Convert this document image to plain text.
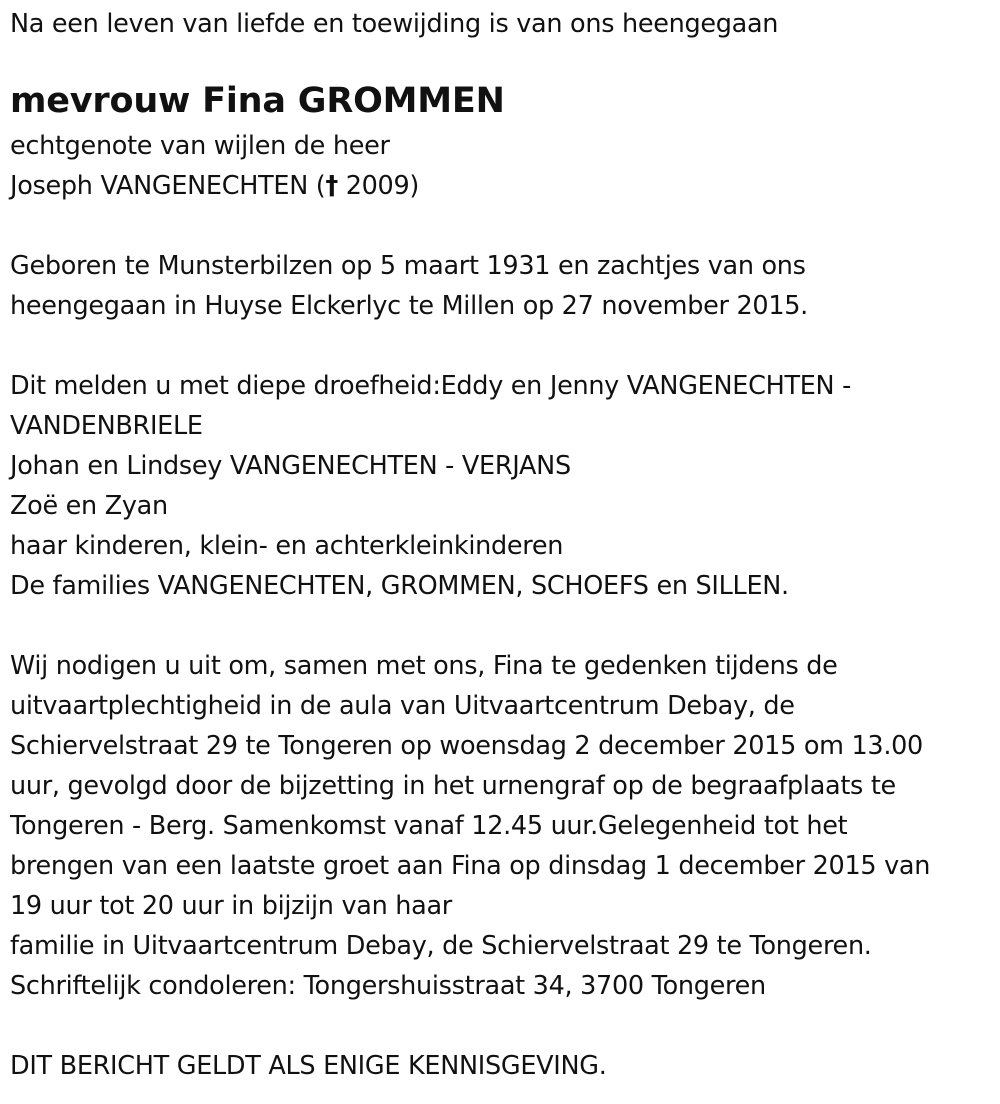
Na een leven van liefde en toewijding is van ons heengegaan
mevrouw Fina GROMMEN
echtgenote van wijlen de heer
Joseph VANGENECHTEN († 2009)
Geboren te Munsterbilzen op 5 maart 1931 en zachtjes van ons
heengegaan in Huyse Elckerlyc te Millen op 27 november 2015.
Dit melden u met diepe droefheid:Eddy en Jenny VANGENECHTEN -
VANDENBRIELE
Johan en Lindsey VANGENECHTEN - VERJANS
Zoë en Zyan
haar kinderen, klein- en achterkleinkinderen
De families VANGENECHTEN, GROMMEN, SCHOEFS en SILLEN.
Wij nodigen u uit om, samen met ons, Fina te gedenken tijdens de
uitvaartplechtigheid in de aula van Uitvaartcentrum Debay, de
Schiervelstraat 29 te Tongeren op woensdag 2 december 2015 om 13.00
uur, gevolgd door de bijzetting in het urnengraf op de begraafplaats te
Tongeren - Berg. Samenkomst vanaf 12.45 uur.Gelegenheid tot het
brengen van een laatste groet aan Fina op dinsdag 1 december 2015 van
19 uur tot 20 uur in bijzijn van haar
familie in Uitvaartcentrum Debay, de Schiervelstraat 29 te Tongeren.
Schriftelijk condoleren: Tongershuisstraat 34, 3700 Tongeren
DIT BERICHT GELDT ALS ENIGE KENNISGEVING.
